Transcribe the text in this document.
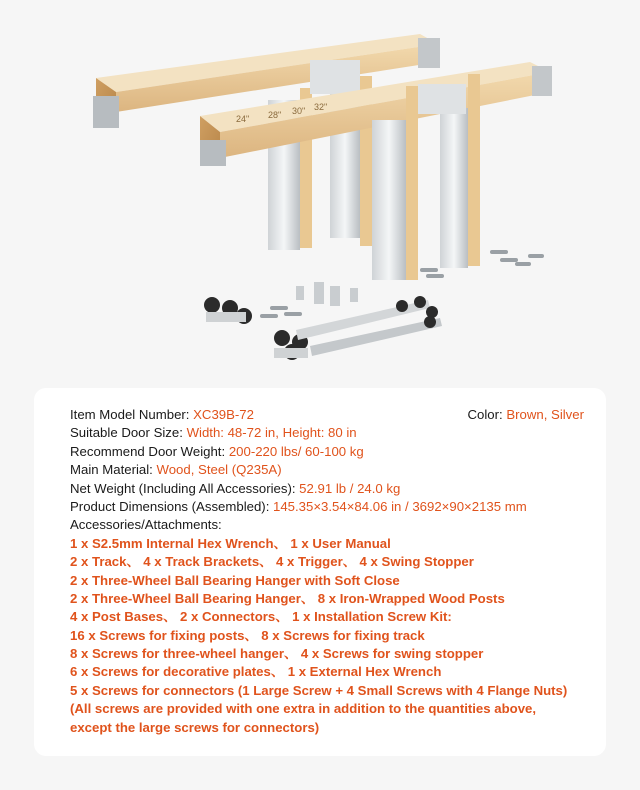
24" 28" 30" 32"
Item Model Number: XC39B-72
Suitable Door Size: Width: 48-72 in, Height: 80 in
Recommend Door Weight: 200-220 lbs/ 60-100 kg
Main Material: Wood, Steel (Q235A)
Net Weight (Including All Accessories): 52.91 lb / 24.0 kg
Product Dimensions (Assembled): 145.35×3.54×84.06 in / 3692×90×2135 mm
Accessories/Attachments:
1 x S2.5mm Internal Hex Wrench、 1 x User Manual
2 x Track、 4 x Track Brackets、 4 x Trigger、 4 x Swing Stopper
2 x Three-Wheel Ball Bearing Hanger with Soft Close
2 x Three-Wheel Ball Bearing Hanger、 8 x Iron-Wrapped Wood Posts
4 x Post Bases、 2 x Connectors、 1 x Installation Screw Kit:
16 x Screws for fixing posts、 8 x Screws for fixing track
8 x Screws for three-wheel hanger、 4 x Screws for swing stopper
6 x Screws for decorative plates、 1 x External Hex Wrench
5 x Screws for connectors (1 Large Screw + 4 Small Screws with 4 Flange Nuts)
(All screws are provided with one extra in addition to the quantities above,
except the large screws for connectors)
Color: Brown, Silver
